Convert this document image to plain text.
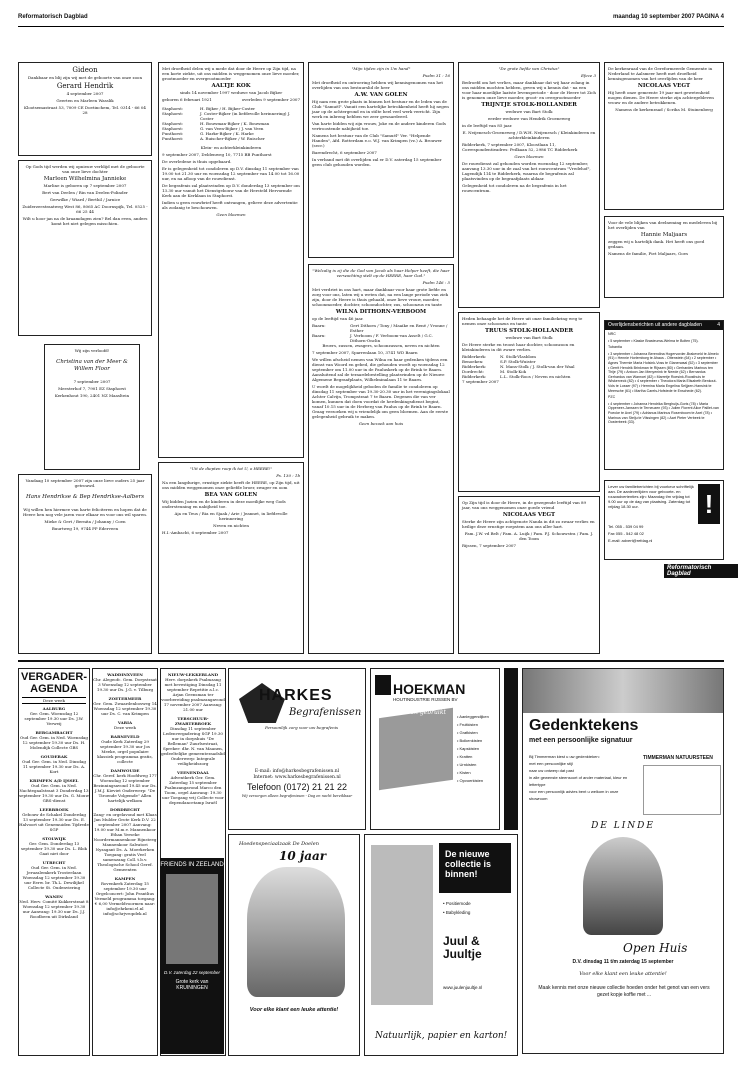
Reformatorisch Dagblad	maandag 10 september 2007 PAGINA 4
Gideon

Dankbaar en blij zijn wij met de geboorte van onze zoon

Gerard Hendrik

4 september 2007

Geerten en Marleen Wasslik

Klootsemastraat 53, 7009 CE Doetinchem, Tel. 0314 - 66 04 28

Op Gods tijd werden wij opnieuw verblijd met de geboorte van onze lieve dochter

Marleen Wilhelmina Jannieke

Marline is geboren op 7 september 2007

Bert van Deelen / Rin van Deelen-Polinder

Gerwilke / Wiard / Berthil / Jarnice

Zuiderzeestraatweg West 86, 8065 AC Doornspijk, Tel. 0525 - 66 25 44

Wilt u hoor jan na de kraamdagen zien? Bel dan even, anders komt het niet gelegen misschien.

Wij zijn verloofd!

Christina van der Meer & Willem Floor

7 september 2007

Meesterhof 7, 7901 EZ Staphorst

Kerkenhout 190, 2401 NZ Maasltein

Vandaag 10 september 2007 zijn onze lieve ouders 25 jaar getrouwd.

Hans Hendrikse & Bep Hendrikse-Aalbers

Wij willen hen hiermee van harte feliciteren en hopen dat de Heere hen nog vele jaren voor elkaar en voor ons wil sparen.

Mieke & Gert / Bernita / Johanny / Coen

Buurtweg 19, 9744 PP Ederveen

Met droefheid delen wij u mede dat door de Heere op Zijn tijd, na een korte ziekte, uit ons midden is weggenomen onze lieve moeder, grootmoeder en overgrootmoeder

AALTJE KOK

sinds 14 november 1997 weduwe van Jacob Bijker

geboren 6 februari 1921	overleden 9 september 2007
Staphorst:	H. Bijker / H. Bijker-Coster
Staphorst:	J. Coster-Bijker (in liefdevolle herinnering) J. Coster
Staphorst:	H. Bouwman-Bijker / K. Bouwman
Staphorst:	G. van Veen-Bijker / J. van Veen
Punthorst:	G. Harke-Bijker / K. Harke
Punthorst:	A. Ruischer-Bijker / W. Ruischer

Klein- en achterkleinkinderen

9 september 2007, Deldenweg 10, 7715 BB Punthorst

De overledene is thuis opgebaard.

Er is gelegenheid tot condoleren op D.V. dinsdag 11 september van 19.00 tot 21.30 uur en woensdag 12 september van 14.00 tot 16.00 uur, en na afloop van de rouwdienst.

De begrafenis zal plaatsvinden op D.V. donderdag 13 september om 13.30 uur vanuit het Dienstgebouw van de Hersteld Hervormde Kerk aan de Kerklaan in Staphorst.

Indien u geen rouwbrief heeft ontvangen, gelieve deze advertentie als zodanig te beschouwen.

Geen bloemen

"Uit de diepten roep ik tot U, o HEERE!"

Ps. 130 : 1b

Na een langdurige, ernstige ziekte heeft de HEERE, op Zijn tijd, uit ons midden weggenomen onze geliefde broer, zwager en oom

BEA VAN GOLEN

Wij bidden Jozien en de kinderen in deze moeilijke weg Gods ondersteuning en nabijheid toe.

Aja en Teus / Ria en Sjaak / Arie / Jeannet, in liefdevolle herinnering

Neven en nichten

H.I.-Ambacht, 6 september 2007

"Mijn tijden zijn in Uw hand"

Psalm 31 : 16

Met droefheid en ontroering hebben wij kennisgenomen van het overlijden van ons bestuurslid de heer

A.W. VAN GOLEN

Hij nam een grote plaats in binnen het bestuur en de leden van de Club "Samuël". Vanuit een hartelijke betrokkenheid heeft hij negen jaar op de achtergrond en in stilte heel veel werk verricht. Zijn werk en inbreng hebben we zeer gewaardeerd.

Van harte bidden wij zijn vrouw, Joke en de andere kinderen Gods vertroostende nabijheid toe.

Namens het bestuur van de Club "Samuël" Ver. "Helpende Handen", Afd. Rotterdam e.o. W.J. van Krimpen (vz.) A. Brouwer (secr.)

Barendrecht, 6 september 2007

In verband met dit overlijden zal er D.V. zaterdag 15 september geen club gehouden worden.

"Welzalig is zij die de God van Jacob als haar Helper heeft, die haar verwachting stelt op de HEERE, haar God."

Psalm 146 : 5

Met verdriet in ons hart, maar dankbaar voor haar grote liefde en zorg voor ons, laten wij u weten dat, na een lange periode van ziek zijn, door de Heere is thuis gehaald, onze lieve vrouw, moeder, schoonmoeder, dochter, schoondochter, zus, schoonzus en tante

WILNA DITHORN-VERBOOM

op de leeftijd van 46 jaar.

Baarn:	Gert Dithorn / Tony / Maaike en René / Yvonne / Esther
Baarn:	J. Verboom / F. Verboom-van Asselt / G.C. Dithorn-Onclin

Broers, zussen, zwagers, schoonzussen, neven en nichten

7 september 2007, Sparrenlaan 10, 3741 WD Baarn

We willen afscheid nemen van Wilna en haar gedenken tijdens een dienst van Woord en gebed, die gehouden wordt op woensdag 12 september om 11.00 uur in de Pauluskerk op de Brink te Baarn. Aansluitend zal de teraardebestelling plaatsvinden op de Nieuwe Algemene Begraafplaats, Wilhelminalaan 11 te Baarn.

U wordt de mogelijkheid geboden de familie te condoleren op dinsdag 11 september van 19.30-20.30 uur in het verenigingslokaal Achter Calvijn, Trompstraat 7 te Baarn. Degenen die van ver komen, kunnen dat doen voordat de herdenkingsdienst begint, vanaf 10.15 uur in de Herberg van Paulus op de Brink te Baarn. Graag verzoeken wij u vriendelijk om geen bloemen. Aan de eerste gelegenheid gebruik te maken.

Geen bezoek aan huis

"De grote liefde van Christus"

Efeze 3

Bedroefd om het verlies, maar dankbaar dat wij haar zolang in ons midden mochten hebben, geven wij u kennis dat - na een voor haar moeilijke laatste levensperiode - door de Heere tot Zich is genomen onze lieve moeder, groot- en overgrootmoeder

TRIJNTJE STOLK-HOLLANDER

weduwe van Bart Stolk

eerder weduwe van Hendrik Groeneweg

in de leeftijd van 85 jaar.

E. Neijenesch-Groeneweg / D.W.H. Neijenesch / Kleinkinderen en achterkleinkinderen

Ridderkerk, 7 september 2007, Kloostlaan 11, Correspondentieadres: Peilkaan 52, 2986 TC Ridderkerk

Geen bloemen

De rouwdienst zal gehouden worden woensdag 12 september, aanvang 13.30 uur in de zaal van het rouwcentrum "Vredehof", Lagendijk 114 te Ridderkerk, waarna de begrafenis zal plaatsvinden op de begraafplaats aldaar.

Gelegenheid tot condoleren na de begrafenis in het rouwcentrum.

Heden behaagde het de Heere uit onze familiekring weg te nemen onze schoonzus en tante

TRUUS STOLK-HOLLANDER

weduwe van Bart Stolk

De Heere sterke en troost haar dochter, schoonzoon en kleinkinderen in dit zware verlies.

Ridderkerk:	N. Stolk-Vlasblom
Benoeken:	S.P. Stolk-Wuister
Ridderkerk:	N. Mans-Stolk / J. Stolk-van der Waal
Dordrecht:	M. Stolk-Kok
Ridderkerk:	L.L. Stolk-Roos / Neven en nichten

7 september 2007

Op Zijn tijd is door de Heere, in de gezegende leeftijd van 89 jaar, van ons weggenomen onze goede vriend

NICOLAAS VEGT

Sterke de Heere zijn achtgenote Nanda in dit zo zwaar verlies en heilige deze ernstige roepstem aan ons aller hart.

Fam. J.W. vd Belt / Fam. A. Luijk / Fam. P.J. Schouwstra / Fam. J. den Toom

Rijssen, 7 september 2007

De kerkenraad van de Gereformeerde Gemeente in Nederland te Aalsmeer heeft met droefheid kennisgenomen van het overlijden van de heer

NICOLAAS VEGT

Hij heeft onze gemeente 19 jaar met gewetenheid mogen dienen. De Heere sterke zijn achtergebleven vrouw en de andere betrokkenen.

Namens de kerkenraad / Scriba M. Stuinenberg

Voor de vele blijken van deelneming en medeleven bij het overlijden van

Hannie Maljaars

zeggen wij u hartelijk dank. Het heeft ons goed gedaan.

Namens de familie, Piet Maljaars, Goes

Overlijdensberichten uit andere dagbladen	4
NRC
• 5 september • Klaske Brasteuma-Welma te Bolten (75).
Tubantia
• 3 september • Johanna Berendina Hogervorder-Brakeveld te Almelo (91) • Hennie Horlemborg te Ahaus - Ottenstein (64) • 2 september • Agnes Thermie Maria Holsink-Voss te Glanerwaal (52) • 3 september • Gerrit Hendrik Brinkman te Rijssen (80) • Gerhardes Marinus ten Thije (79) • Antoon Jan Menyenink te Neede (62) • Bernardus Gerhardus van Wanroei (82) • Marretje Roesink-Roosthuis te Wiskerveck (82) • 4 september • Theodora Maria Elisabeth Benkout-Vols te Losser (97) • Hermina Maria Engelina Seljjzen-Hansink te Meersche (61) • Martha Carels-Hofstede te Enschede (62).
PZC
• 4 september • Johanna Hendrika Berghuijs-Goris (78) • Maria Oppeneer-Janssen te Terneuzen (93) • Julien Florent Alice Paillet-van Poecke te Axel (79) • Adrianus Marinus Rosenboom te Axel (78) • Marinus van Stelju te Vlissingen (82) • Aart Pieter Verbeek te Oosterbeek (33).

Lever uw familieberichten bij voorkeur schriftelijk aan. De aanleverlijden voor geboorte- en rouwadvertenties zijn: Maandag t/m vrijdag tot 9.00 uur op de dag van plaatsing. Zaterdag tot vrijdag 18.30 uur.	!

Tel. 055 - 539 04 99

Fax 055 - 542 48 02

E-mail: advert@refdag.nl

Reformatorisch Dagblad
VERGADER-AGENDA
Deze week
AALBURG
Ger. Gem. Woensdag 12 september 19.30 uur Ds. J.W. Verweij
BERGAMBACHT
Oud Ger. Gem. in Ned. Woensdag 12 september 19.30 uur Ds. H. Molendijk Collecte GBS
GOUDERAK
Oud Ger. Gem. in Ned. Dinsdag 11 september 19.30 uur Ds. A. Kort
KRIMPEN A/D IJSSEL
Oud Ger. Gem. in Ned. Nachtegaalstraat 3 Donderdag 13 september 19.30 uur Ds. G. Mouw GBS-dienst
LEERBROEK
Gebouw de Schakel Donderdag 13 september 19.30 uur Ds. E. Halvoort uit Genemuiden Tijdrede SGP
STOLWIJK
Ger. Gem. Donderdag 13 september 19.30 uur Ds. L. Blok Gaat niet door
UTRECHT
Oud Ger. Gem. in Ned. Jeruzalemkerk Trosteelaan Woensdag 12 september 19.30 uur Eerw. br. Th.L. Dewilijkel Collecte St. Oudenviering
WANEN
Ned. Herv. Comité Kukkerstraat 8 Woensdag 12 september 19.30 uur Aanvang: 19.30 uur Ds. J.J. Roodbeen uit Dirksland
WADDINXVEEN
Chr. Alegeofc. Gem. Dorpstraat 3 Woensdag 12 september 19.30 uur Ds. J.G. v. Tilburg
ZOETERMEER
Ger. Gem. Zwaardenbosweg 14 Woensdag 12 september 19.30 uur Ds. C. van Krimpen
VARIA
Deze week
BARNEVELD
Oude Kerk Zaterdag 29 september 19.30 uur Jos Meeke, orgel populaire klassiek programma gratis, collecte
DAMWOUDE
Chr. Geref. kerk Hoofdweg 177 Woensdag 12 september Bezinningsavond 19.45 uur Ds. J.M.J. Kieviet Onderwerp: "De Tiroende Volgemde" Allen hartelijk welkom
DORDRECHT
Zang- en orgelavond met Klaas Jan Mulder Grote Kerk D.V. 22 september 2007 Aanvang: 19.00 uur M.m.v. Mannenkoor Ethan Yerseke Noordermannenkoor Rijnsteeg Mannenkoor Salvatori Nyzagant Ds. A. Moerkerken Toegang: gratis Veel samenzang Coll. t.b.v. Theologische School Geref. Gemeenten
KAMPEN
Rovenkerk Zaterdag 15 september 19.30 uur Orgelconcert: John Prantlius Vermeld programma toegang: € 6,00 Vermeldvoormen naar: info@ehrkeni.vl.nl info@schrjvropdek.nl
NIEUW-LEKKERLAND
Herv. dorpskerk Psalmzang met bevestiging Dinsdag 11 september Repetitie a.l.c. Arjan Geensman ter voorbereiding psalmzangavond 17 november 2007 Aanvang: 21.00 uur
TERSCHUUR-ZWARTEBROEK
Dinsdag 11 september Ledenvergadering SGP 19.30 uur in dorpshuis "De Belleman" Zuurlsestraat, Spreker: dhr. N. van Maanen, gedeeltelijke gemeenteraadslid Onderwerp: Integrale veiligheidszorg
VEENENDAAL
Adventkerk Ger. Gem. Zaterdag 15 september Psalmzangavond Marco den Toom, orgel Aanvang: 19.30 uur Toegang vrij Collecte voor dependancetamp Israël
HARKES
Begrafenissen
Persoonlijk zorg voor uw begrafenis
E-mail: info@harkesbegrafenissen.nl
Internet: www.harkesbegrafenissen.nl
Telefoon (0172) 21 21 22
Wij verzorgen alleen begrafenissen - Dag en nacht bereikbaar
HOEKMAN
HOUTINDUSTRIE RIJSSEN BV
Nieuw en gebruikt
• Aanleggendijken
• Fruitkisten
• Grafkisten
• Bolkenkisten
• Kapskisten
• Kratten
• Urnkisten
• Kisten
• Opvoerkisten
Hoedenspeciaalzaak De Doelen
10 jaar
Voor elke klant een leuke attentie!
FRIENDS IN ZEELAND
D.V. zaterdag 22 september
Grote kerk van KRUININGEN
De nieuwe collectie is binnen!
• Positiemode
• Babykleding
Juul & Juultje
www.juulenjuultje.nl
Natuurlijk, papier en karton!
Gedenktekens
met een persoonlijke signatuur
Bij Timmerman kiest u uw gedenkteken:
met een persoonlijke stijl
naar uw ontwerp dat past
in alle gewenste steensoort of ander materiaal, kleur en lettertype
voor een persoonlijk advies bent u welkom in onze showroom
TIMMERMAN NATUURSTEEN
DE LINDE
Open Huis
D.V. dinsdag 11 t/m zaterdag 15 september
Voor elke klant een leuke attentie!
Maak kennis met onze nieuwe collectie hoeden onder het genot van een vers gezet kopje koffie met ...
